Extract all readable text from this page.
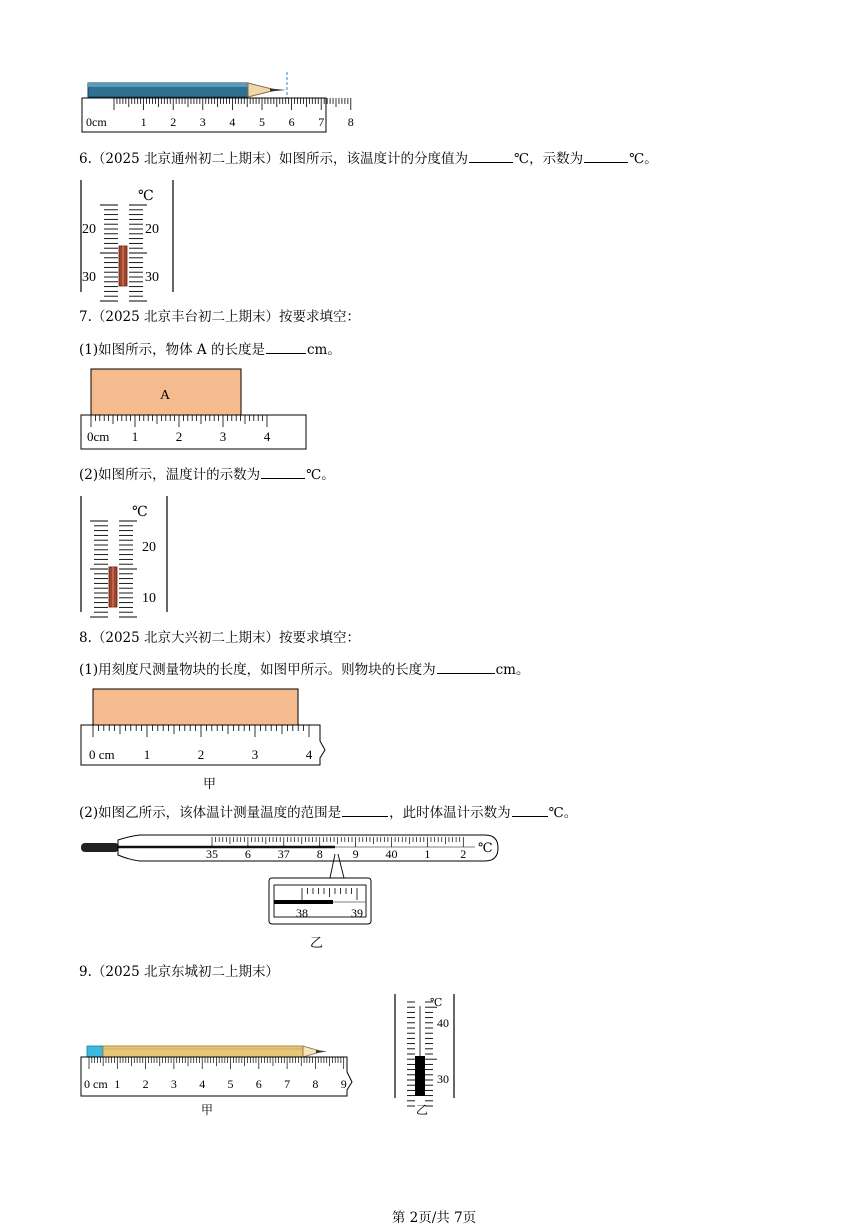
0cm	1 2 3 4 5 6 7 8
6.（2025 北京通州初二上期末）如图所示，该温度计的分度值为	℃，示数为	℃。
℃
20
30
20
30
7.（2025 北京丰台初二上期末）按要求填空：
(1)如图所示，物体 A 的长度是	cm。
A
0cm 1	2	3	4
(2)如图所示，温度计的示数为	℃。
℃
20
10
8.（2025 北京大兴初二上期末）按要求填空：
(1)用刻度尺测量物块的长度，如图甲所示。则物块的长度为	cm。
0 cm 1	2	3	4
甲
(2)如图乙所示，该体温计测量温度的范围是	，此时体温计示数为	℃。
35 6 37 8 9 40 1 2 ℃
38	39
乙
9.（2025 北京东城初二上期末）
0 cm 1 2 3 4 5 6 7 8 9
甲
℃
40
30
乙
第 2页/共 7页
